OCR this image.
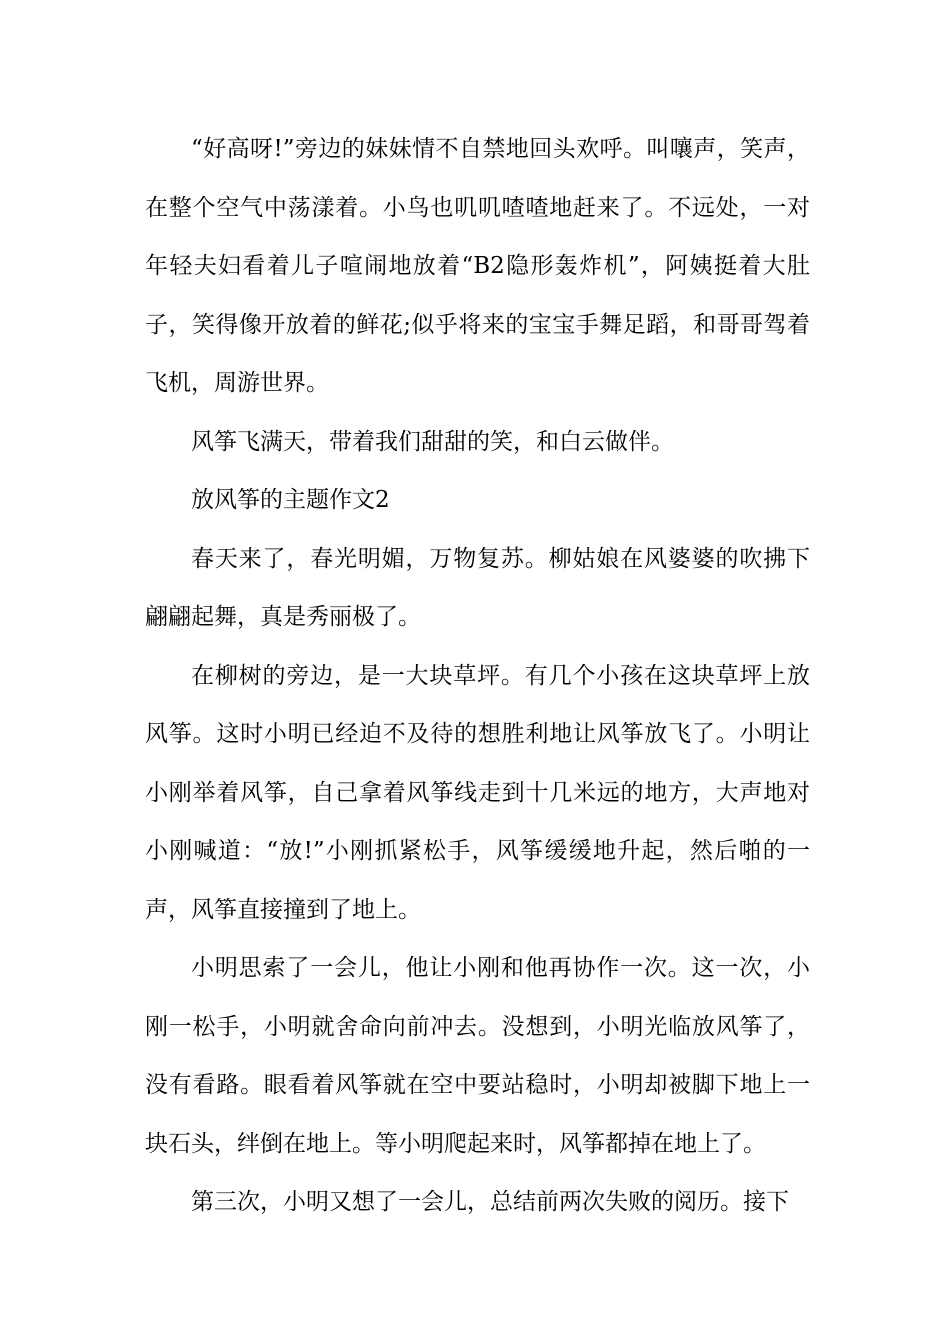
“好高呀!”旁边的妹妹情不自禁地回头欢呼。叫嚷声，笑声，在整个空气中荡漾着。小鸟也叽叽喳喳地赶来了。不远处，一对年轻夫妇看着儿子喧闹地放着“B2隐形轰炸机”，阿姨挺着大肚子，笑得像开放着的鲜花;似乎将来的宝宝手舞足蹈，和哥哥驾着飞机，周游世界。

风筝飞满天，带着我们甜甜的笑，和白云做伴。

放风筝的主题作文2

春天来了，春光明媚，万物复苏。柳姑娘在风婆婆的吹拂下翩翩起舞，真是秀丽极了。

在柳树的旁边，是一大块草坪。有几个小孩在这块草坪上放风筝。这时小明已经迫不及待的想胜利地让风筝放飞了。小明让小刚举着风筝，自己拿着风筝线走到十几米远的地方，大声地对小刚喊道：“放!”小刚抓紧松手，风筝缓缓地升起，然后啪的一声，风筝直接撞到了地上。

小明思索了一会儿，他让小刚和他再协作一次。这一次，小刚一松手，小明就舍命向前冲去。没想到，小明光临放风筝了，没有看路。眼看着风筝就在空中要站稳时，小明却被脚下地上一块石头，绊倒在地上。等小明爬起来时，风筝都掉在地上了。

第三次，小明又想了一会儿，总结前两次失败的阅历。接下
